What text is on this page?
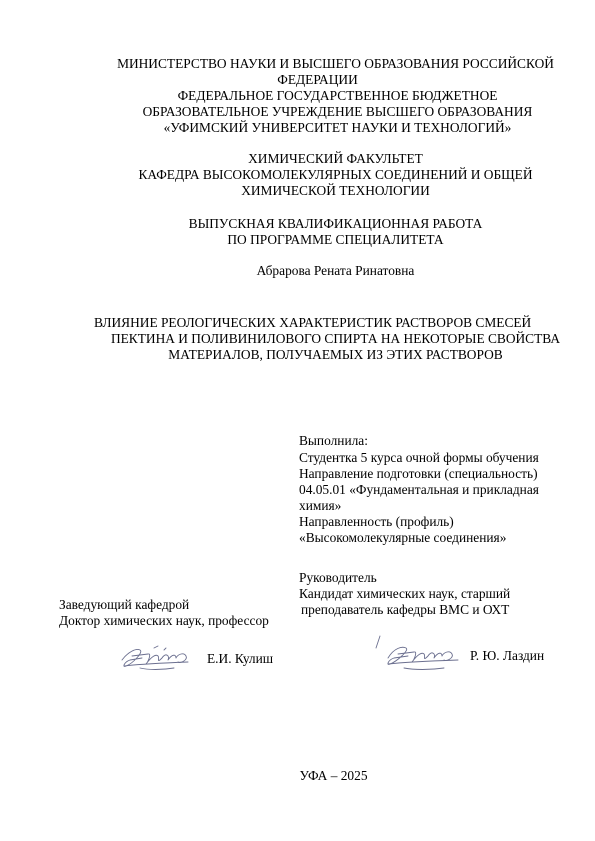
МИНИСТЕРСТВО НАУКИ И ВЫСШЕГО ОБРАЗОВАНИЯ РОССИЙСКОЙ
ФЕДЕРАЦИИ
ФЕДЕРАЛЬНОЕ ГОСУДАРСТВЕННОЕ БЮДЖЕТНОЕ
ОБРАЗОВАТЕЛЬНОЕ УЧРЕЖДЕНИЕ ВЫСШЕГО ОБРАЗОВАНИЯ
«УФИМСКИЙ УНИВЕРСИТЕТ НАУКИ И ТЕХНОЛОГИЙ»
ХИМИЧЕСКИЙ ФАКУЛЬТЕТ
КАФЕДРА ВЫСОКОМОЛЕКУЛЯРНЫХ СОЕДИНЕНИЙ И ОБЩЕЙ
ХИМИЧЕСКОЙ ТЕХНОЛОГИИ
ВЫПУСКНАЯ КВАЛИФИКАЦИОННАЯ РАБОТА
ПО ПРОГРАММЕ СПЕЦИАЛИТЕТА
Абрарова Рената Ринатовна
ВЛИЯНИЕ РЕОЛОГИЧЕСКИХ ХАРАКТЕРИСТИК РАСТВОРОВ СМЕСЕЙ
ПЕКТИНА И ПОЛИВИНИЛОВОГО СПИРТА НА НЕКОТОРЫЕ СВОЙСТВА
МАТЕРИАЛОВ, ПОЛУЧАЕМЫХ ИЗ ЭТИХ РАСТВОРОВ
Выполнила:
Студентка 5 курса очной формы обучения
Направление подготовки (специальность)
04.05.01 «Фундаментальная и прикладная
химия»
Направленность (профиль)
«Высокомолекулярные соединения»
Руководитель
Кандидат химических наук, старший
преподаватель кафедры ВМС и ОХТ
Заведующий кафедрой
Доктор химических наук, профессор
Е.И. Кулиш	Р. Ю. Лаздин
УФА – 2025
